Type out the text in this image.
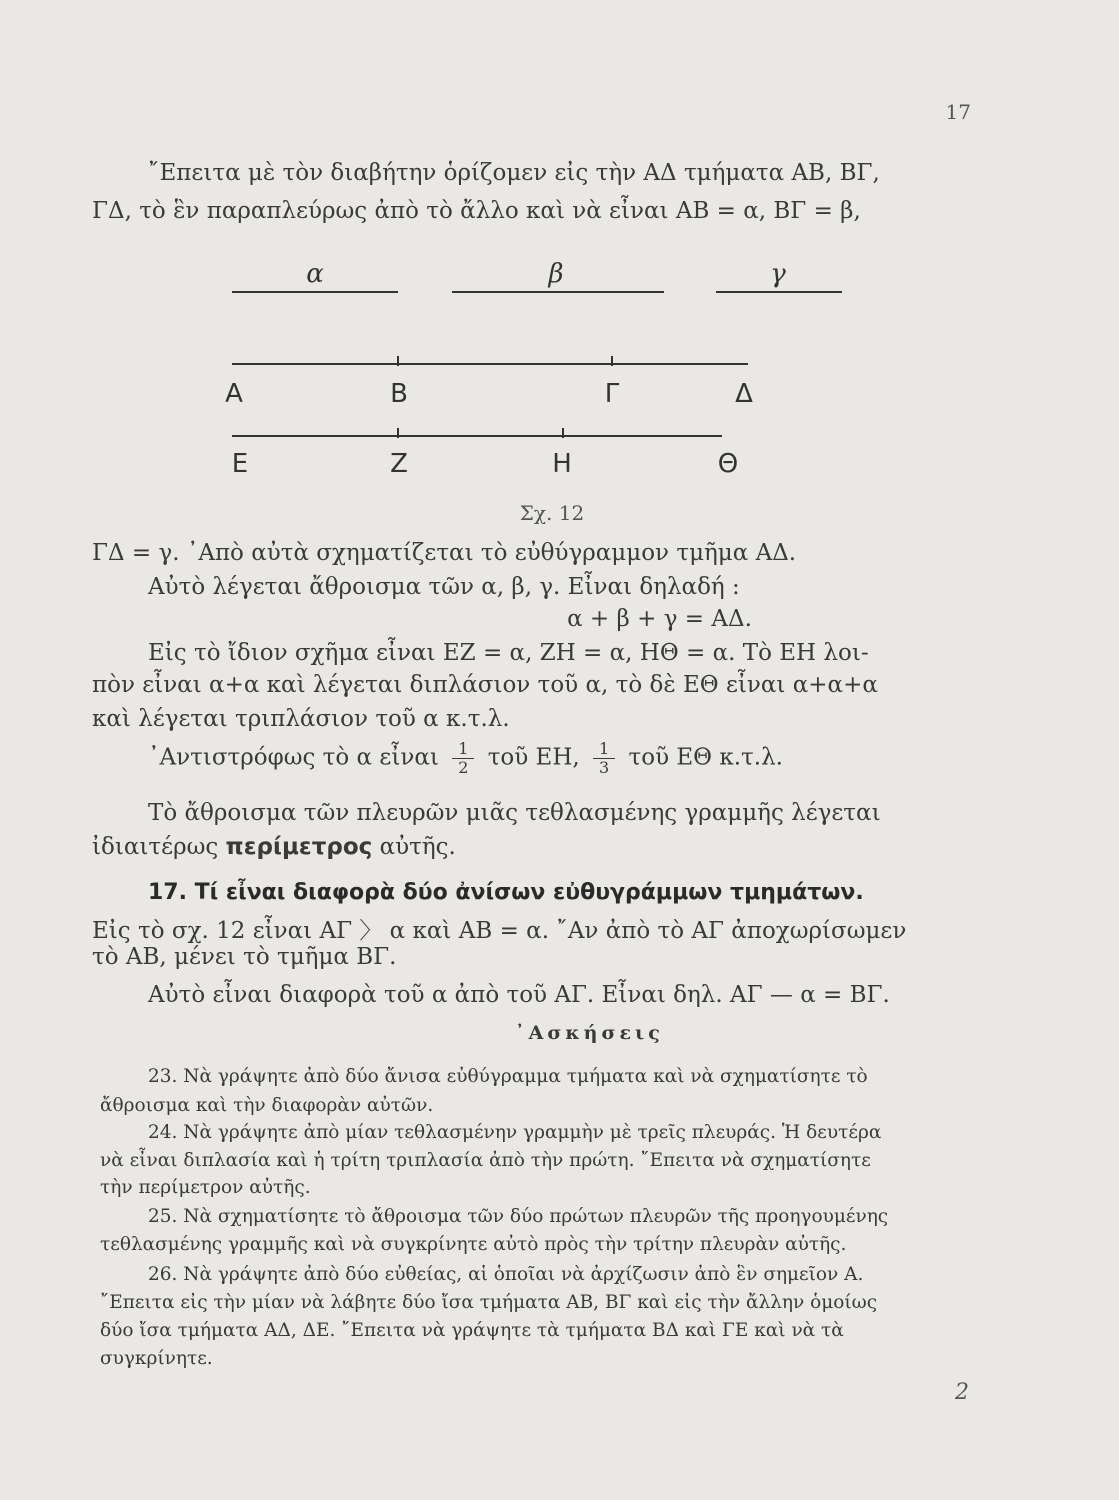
17
῎Επειτα μὲ τὸν διαβήτην ὁρίζομεν εἰς τὴν ΑΔ τμήματα ΑΒ, ΒΓ,
ΓΔ, τὸ ἓν παραπλεύρως ἀπὸ τὸ ἄλλο καὶ νὰ εἶναι ΑΒ = α, ΒΓ = β,
α	β	γ
Α	Β	Γ	Δ
Ε	Ζ	Η	Θ
Σχ. 12
ΓΔ = γ. ᾿Απὸ αὐτὰ σχηματίζεται τὸ εὐθύγραμμον τμῆμα ΑΔ.
Αὐτὸ λέγεται ἄθροισμα τῶν α, β, γ. Εἶναι δηλαδή :
α + β + γ = ΑΔ.
Εἰς τὸ ἴδιον σχῆμα εἶναι ΕΖ = α, ΖΗ = α, ΗΘ = α. Τὸ ΕΗ λοι-
πὸν εἶναι α+α καὶ λέγεται διπλάσιον τοῦ α, τὸ δὲ ΕΘ εἶναι α+α+α
καὶ λέγεται τριπλάσιον τοῦ α κ.τ.λ.
᾿Αντιστρόφως τὸ α εἶναι $\frac{1}{2}$ τοῦ ΕΗ, $\frac{1}{3}$ τοῦ ΕΘ κ.τ.λ.
Τὸ ἄθροισμα τῶν πλευρῶν μιᾶς τεθλασμένης γραμμῆς λέγεται
ἰδιαιτέρως περίμετρος αὐτῆς.
17. Τί εἶναι διαφορὰ δύο ἀνίσων εὐθυγράμμων τμημάτων.
Εἰς τὸ σχ. 12 εἶναι ΑΓ 〉 α καὶ ΑΒ = α. ῎Αν ἀπὸ τὸ ΑΓ ἀποχωρίσωμεν
τὸ ΑΒ, μένει τὸ τμῆμα ΒΓ.
Αὐτὸ εἶναι διαφορὰ τοῦ α ἀπὸ τοῦ ΑΓ. Εἶναι δηλ. ΑΓ — α = ΒΓ.
᾿Ασκήσεις
23. Νὰ γράψητε ἀπὸ δύο ἄνισα εὐθύγραμμα τμήματα καὶ νὰ σχηματίσητε τὸ
ἄθροισμα καὶ τὴν διαφορὰν αὐτῶν.
24. Νὰ γράψητε ἀπὸ μίαν τεθλασμένην γραμμὴν μὲ τρεῖς πλευράς. Ἡ δευτέρα
νὰ εἶναι διπλασία καὶ ἡ τρίτη τριπλασία ἀπὸ τὴν πρώτη. ῎Επειτα νὰ σχηματίσητε
τὴν περίμετρον αὐτῆς.
25. Νὰ σχηματίσητε τὸ ἄθροισμα τῶν δύο πρώτων πλευρῶν τῆς προηγουμένης
τεθλασμένης γραμμῆς καὶ νὰ συγκρίνητε αὐτὸ πρὸς τὴν τρίτην πλευρὰν αὐτῆς.
26. Νὰ γράψητε ἀπὸ δύο εὐθείας, αἱ ὁποῖαι νὰ ἀρχίζωσιν ἀπὸ ἓν σημεῖον Α.
῎Επειτα εἰς τὴν μίαν νὰ λάβητε δύο ἴσα τμήματα ΑΒ, ΒΓ καὶ εἰς τὴν ἄλλην ὁμοίως
δύο ἴσα τμήματα ΑΔ, ΔΕ. ῎Επειτα νὰ γράψητε τὰ τμήματα ΒΔ καὶ ΓΕ καὶ νὰ τὰ
συγκρίνητε.
2
